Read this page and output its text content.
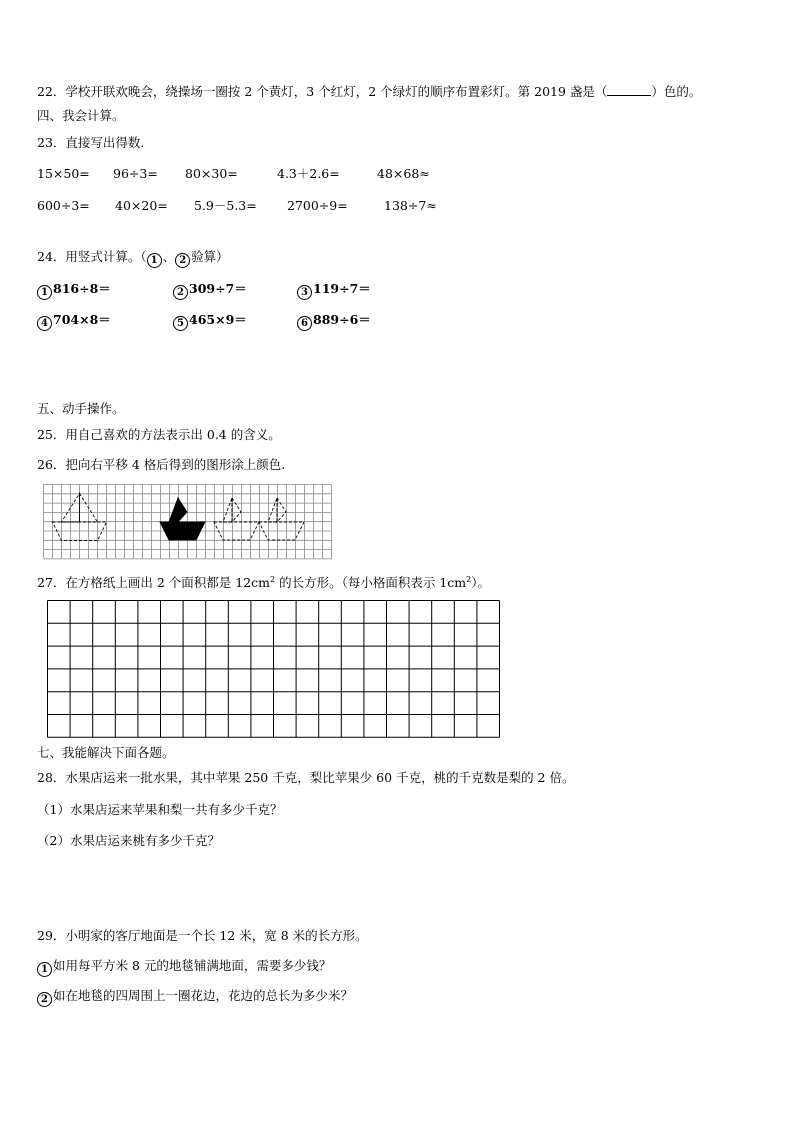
22．学校开联欢晚会，绕操场一圈按 2 个黄灯，3 个红灯，2 个绿灯的顺序布置彩灯。第 2019 盏是（	）色的。
四、我会计算。
23．直接写出得数.
15×50= 96÷3= 80×30=	4.3＋2.6=	48×68≈
600÷3= 40×20= 5.9－5.3= 2700÷9=	138÷7≈
24．用竖式计算。（ 1 、 2 验算）
1 816÷8＝	2 309÷7＝	3 119÷7＝
4 704×8＝	5 465×9＝	6 889÷6＝
五、动手操作。
25．用自己喜欢的方法表示出 0.4 的含义。
26．把向右平移 4 格后得到的图形涂上颜色.
27．在方格纸上画出 2 个面积都是 $12cm^2$ 的长方形。（每小格面积表示 $1cm^2$）。
七、我能解决下面各题。
28．水果店运来一批水果，其中苹果 250 千克，梨比苹果少 60 千克，桃的千克数是梨的 2 倍。
（1）水果店运来苹果和梨一共有多少千克？
（2）水果店运来桃有多少千克？
29．小明家的客厅地面是一个长 12 米，宽 8 米的长方形。
1 如用每平方米 8 元的地毯铺满地面，需要多少钱？
2 如在地毯的四周围上一圈花边，花边的总长为多少米？
